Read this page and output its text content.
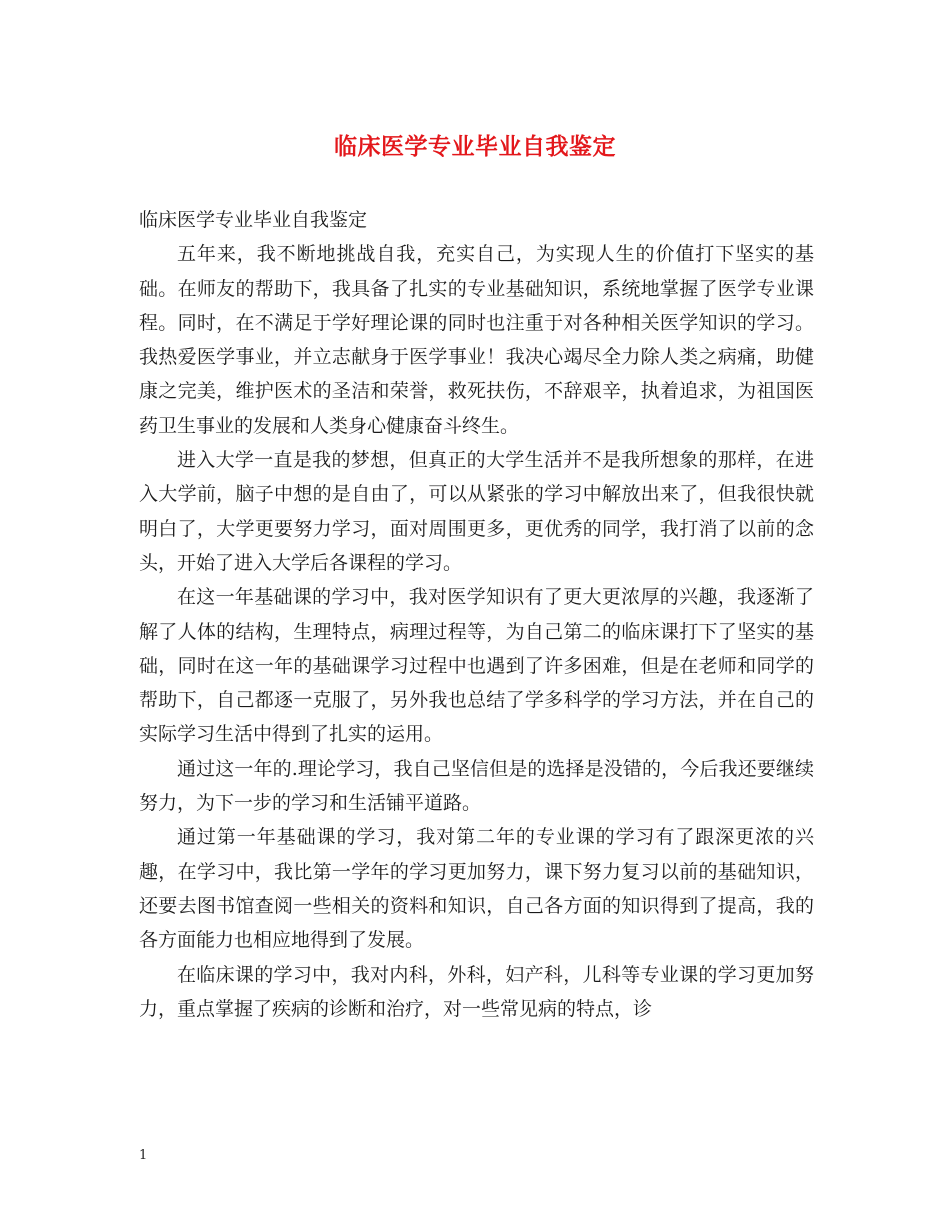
临床医学专业毕业自我鉴定

临床医学专业毕业自我鉴定

五年来，我不断地挑战自我，充实自己，为实现人生的价值打下坚实的基础。在师友的帮助下，我具备了扎实的专业基础知识，系统地掌握了医学专业课程。同时，在不满足于学好理论课的同时也注重于对各种相关医学知识的学习。我热爱医学事业，并立志献身于医学事业！我决心竭尽全力除人类之病痛，助健康之完美，维护医术的圣洁和荣誉，救死扶伤，不辞艰辛，执着追求，为祖国医药卫生事业的发展和人类身心健康奋斗终生。

进入大学一直是我的梦想，但真正的大学生活并不是我所想象的那样，在进入大学前，脑子中想的是自由了，可以从紧张的学习中解放出来了，但我很快就明白了，大学更要努力学习，面对周围更多，更优秀的同学，我打消了以前的念头，开始了进入大学后各课程的学习。

在这一年基础课的学习中，我对医学知识有了更大更浓厚的兴趣，我逐渐了解了人体的结构，生理特点，病理过程等，为自己第二的临床课打下了坚实的基础，同时在这一年的基础课学习过程中也遇到了许多困难，但是在老师和同学的帮助下，自己都逐一克服了，另外我也总结了学多科学的学习方法，并在自己的实际学习生活中得到了扎实的运用。

通过这一年的.理论学习，我自己坚信但是的选择是没错的，今后我还要继续努力，为下一步的学习和生活铺平道路。

通过第一年基础课的学习，我对第二年的专业课的学习有了跟深更浓的兴趣，在学习中，我比第一学年的学习更加努力，课下努力复习以前的基础知识，还要去图书馆查阅一些相关的资料和知识，自己各方面的知识得到了提高，我的各方面能力也相应地得到了发展。

在临床课的学习中，我对内科，外科，妇产科，儿科等专业课的学习更加努力，重点掌握了疾病的诊断和治疗，对一些常见病的特点，诊

1
